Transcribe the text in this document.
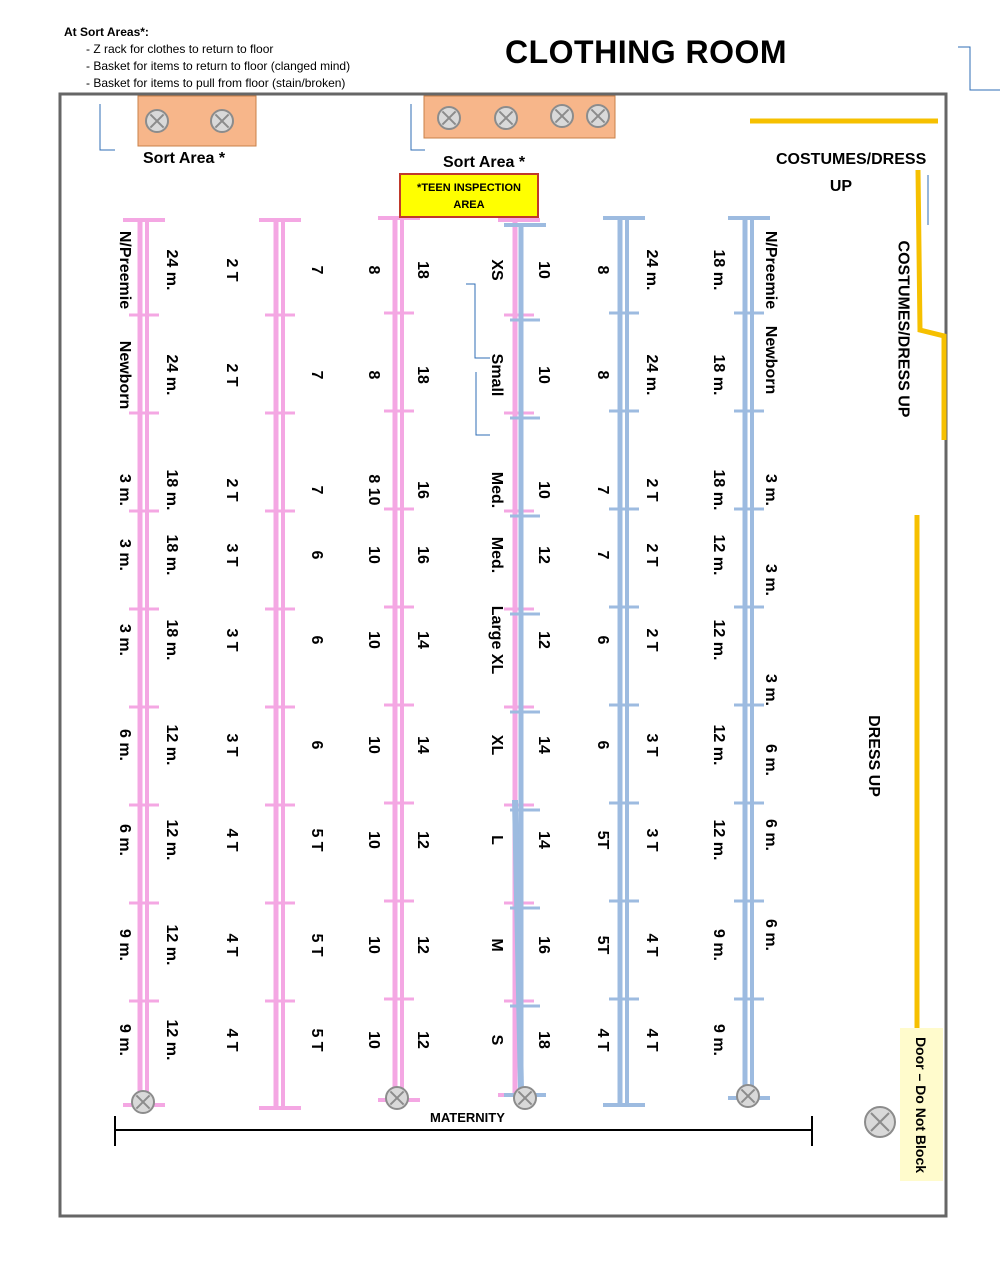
At Sort Areas*:
- Z rack for clothes to return to floor
- Basket for items to return to floor (clanged mind)
- Basket for items to pull from floor (stain/broken)
CLOTHING ROOM
N/Preemie
Newborn
3 m.
3 m.
3 m.
6 m.
6 m.
9 m.
9 m.
24 m.
24 m.
18 m.
18 m.
18 m.
12 m.
12 m.
12 m.
12 m.
2 T
2 T
2 T
3 T
3 T
3 T
4 T
4 T
4 T
7
7
7
6
6
6
5 T
5 T
5 T
8
8
8 10
10
10
10
10
10
10
18
18
16
16
14
14
12
12
12
XS
Small
Med.
Med.
Large XL
XL
L
M
S
10
10
10
12
12
14
14
16
18
8
8
7
7
6
6
5T
5T
4 T
24 m.
24 m.
2 T
2 T
2 T
3 T
3 T
4 T
4 T
18 m.
18 m.
18 m.
12 m.
12 m.
12 m.
12 m.
9 m.
9 m.
N/Preemie
Newborn
3 m.
3 m.
3 m.
6 m.
6 m.
6 m.
Sort Area *	Sort Area *
*TEEN INSPECTION AREA
COSTUMES/DRESS UP
COSTUMES/DRESS UP
DRESS UP
Door – Do Not Block
MATERNITY
